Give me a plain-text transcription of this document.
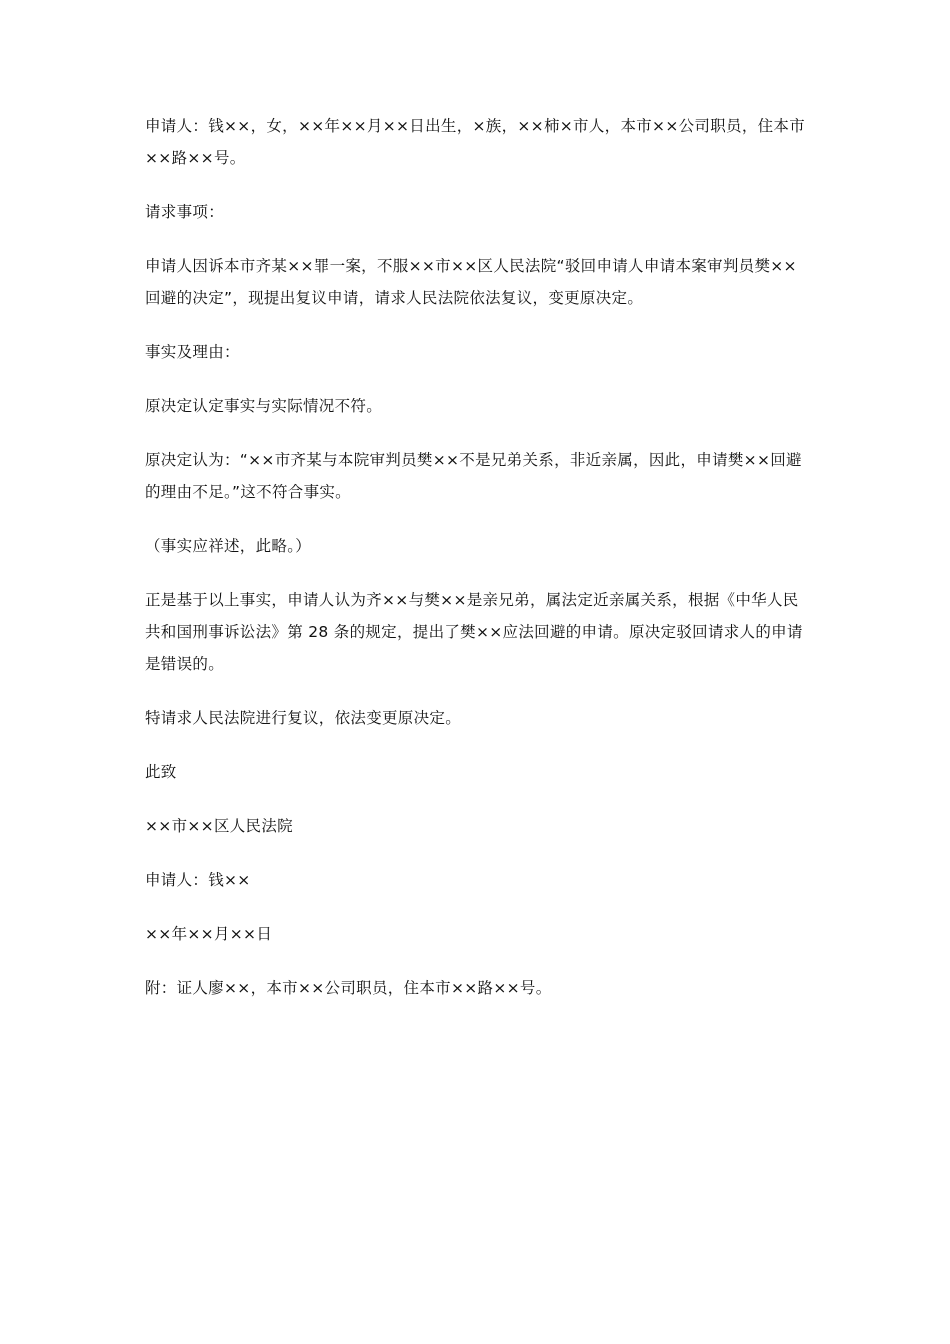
申请人：钱××，女，××年××月××日出生，×族，××柿×市人，本市××公司职员，住本市××路××号。

请求事项：

申请人因诉本市齐某××罪一案，不服××市××区人民法院“驳回申请人申请本案审判员樊××回避的决定”，现提出复议申请，请求人民法院依法复议，变更原决定。

事实及理由：

原决定认定事实与实际情况不符。

原决定认为：“××市齐某与本院审判员樊××不是兄弟关系，非近亲属，因此，申请樊××回避的理由不足。”这不符合事实。

（事实应祥述，此略。）

正是基于以上事实，申请人认为齐××与樊××是亲兄弟，属法定近亲属关系，根据《中华人民共和国刑事诉讼法》第 28 条的规定，提出了樊××应法回避的申请。原决定驳回请求人的申请是错误的。

特请求人民法院进行复议，依法变更原决定。

此致

××市××区人民法院

申请人：钱××

××年××月××日

附：证人廖××，本市××公司职员，住本市××路××号。
